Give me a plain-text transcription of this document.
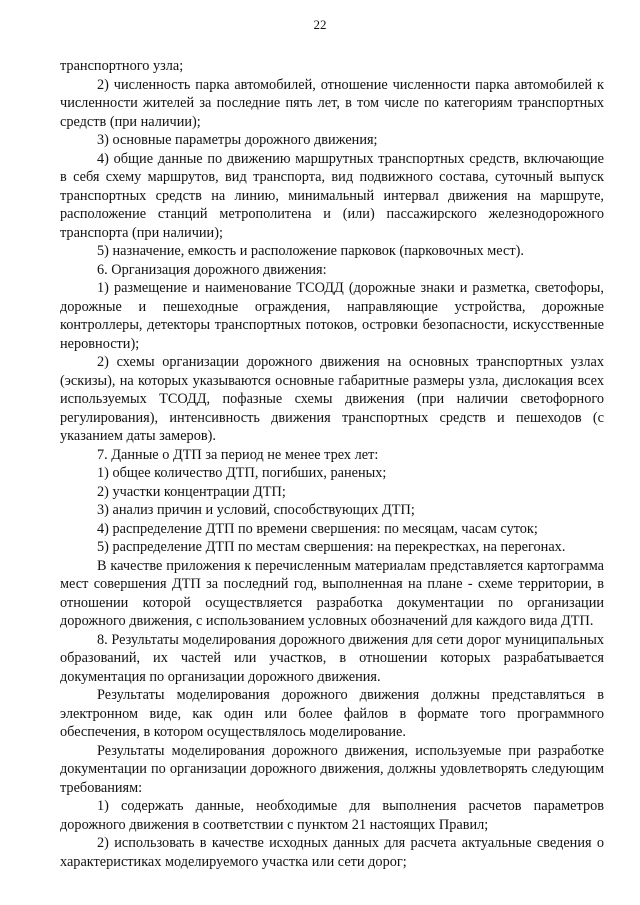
22

транспортного узла;

2) численность парка автомобилей, отношение численности парка автомобилей к численности жителей за последние пять лет, в том числе по категориям транспортных средств (при наличии);

3) основные параметры дорожного движения;

4) общие данные по движению маршрутных транспортных средств, включающие в себя схему маршрутов, вид транспорта, вид подвижного состава, суточный выпуск транспортных средств на линию, минимальный интервал движения на маршруте, расположение станций метрополитена и (или) пассажирского железнодорожного транспорта (при наличии);

5) назначение, емкость и расположение парковок (парковочных мест).

6. Организация дорожного движения:

1) размещение и наименование ТСОДД (дорожные знаки и разметка, светофоры, дорожные и пешеходные ограждения, направляющие устройства, дорожные контроллеры, детекторы транспортных потоков, островки безопасности, искусственные неровности);

2) схемы организации дорожного движения на основных транспортных узлах (эскизы), на которых указываются основные габаритные размеры узла, дислокация всех используемых ТСОДД, пофазные схемы движения (при наличии светофорного регулирования), интенсивность движения транспортных средств и пешеходов (с указанием даты замеров).

7. Данные о ДТП за период не менее трех лет:

1) общее количество ДТП, погибших, раненых;

2) участки концентрации ДТП;

3) анализ причин и условий, способствующих ДТП;

4) распределение ДТП по времени свершения: по месяцам, часам суток;

5) распределение ДТП по местам свершения: на перекрестках, на перегонах.

В качестве приложения к перечисленным материалам представляется картограмма мест совершения ДТП за последний год, выполненная на плане - схеме территории, в отношении которой осуществляется разработка документации по организации дорожного движения, с использованием условных обозначений для каждого вида ДТП.

8. Результаты моделирования дорожного движения для сети дорог муниципальных образований, их частей или участков, в отношении которых разрабатывается документация по организации дорожного движения.

Результаты моделирования дорожного движения должны представляться в электронном виде, как один или более файлов в формате того программного обеспечения, в котором осуществлялось моделирование.

Результаты моделирования дорожного движения, используемые при разработке документации по организации дорожного движения, должны удовлетворять следующим требованиям:

1) содержать данные, необходимые для выполнения расчетов параметров дорожного движения в соответствии с пунктом 21 настоящих Правил;

2) использовать в качестве исходных данных для расчета актуальные сведения о характеристиках моделируемого участка или сети дорог;
